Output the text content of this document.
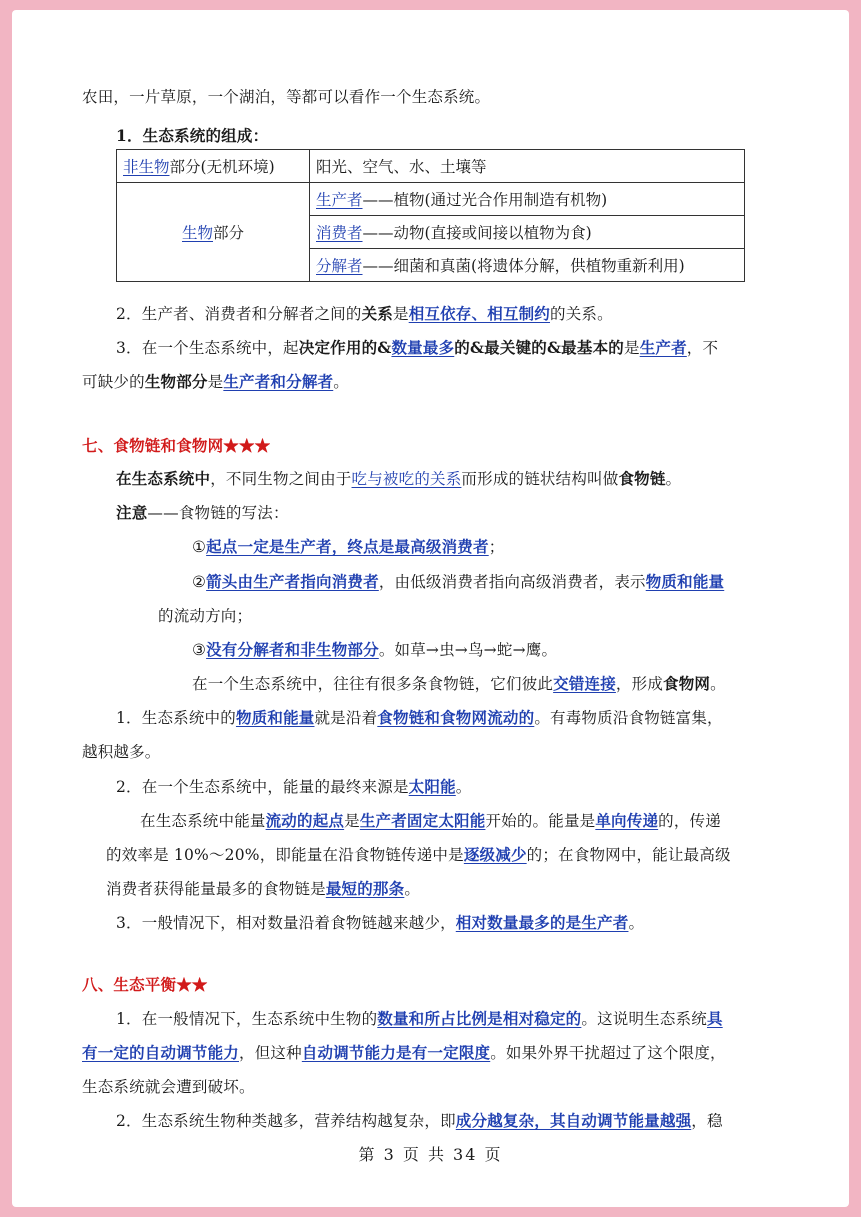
农田，一片草原，一个湖泊，等都可以看作一个生态系统。
1．生态系统的组成：
非生物部分(无机环境)	阳光、空气、水、土壤等
生物部分	生产者——植物(通过光合作用制造有机物)
	消费者——动物(直接或间接以植物为食)
	分解者——细菌和真菌(将遗体分解，供植物重新利用)
2．生产者、消费者和分解者之间的关系是相互依存、相互制约的关系。
3．在一个生态系统中，起决定作用的&数量最多的&最关键的&最基本的是生产者，不
可缺少的生物部分是生产者和分解者。
七、食物链和食物网★★★
在生态系统中，不同生物之间由于吃与被吃的关系而形成的链状结构叫做食物链。
注意——食物链的写法：
①起点一定是生产者，终点是最高级消费者；
②箭头由生产者指向消费者，由低级消费者指向高级消费者，表示物质和能量
的流动方向；
③没有分解者和非生物部分。如草→虫→鸟→蛇→鹰。
在一个生态系统中，往往有很多条食物链，它们彼此交错连接，形成食物网。
1．生态系统中的物质和能量就是沿着食物链和食物网流动的。有毒物质沿食物链富集，
越积越多。
2．在一个生态系统中，能量的最终来源是太阳能。
在生态系统中能量流动的起点是生产者固定太阳能开始的。能量是单向传递的，传递
的效率是 10%～20%，即能量在沿食物链传递中是逐级减少的；在食物网中，能让最高级
消费者获得能量最多的食物链是最短的那条。
3．一般情况下，相对数量沿着食物链越来越少，相对数量最多的是生产者。
八、生态平衡★★
1．在一般情况下，生态系统中生物的数量和所占比例是相对稳定的。这说明生态系统具
有一定的自动调节能力，但这种自动调节能力是有一定限度。如果外界干扰超过了这个限度，
生态系统就会遭到破坏。
2．生态系统生物种类越多，营养结构越复杂，即成分越复杂，其自动调节能量越强，稳
第 3 页 共 34 页
